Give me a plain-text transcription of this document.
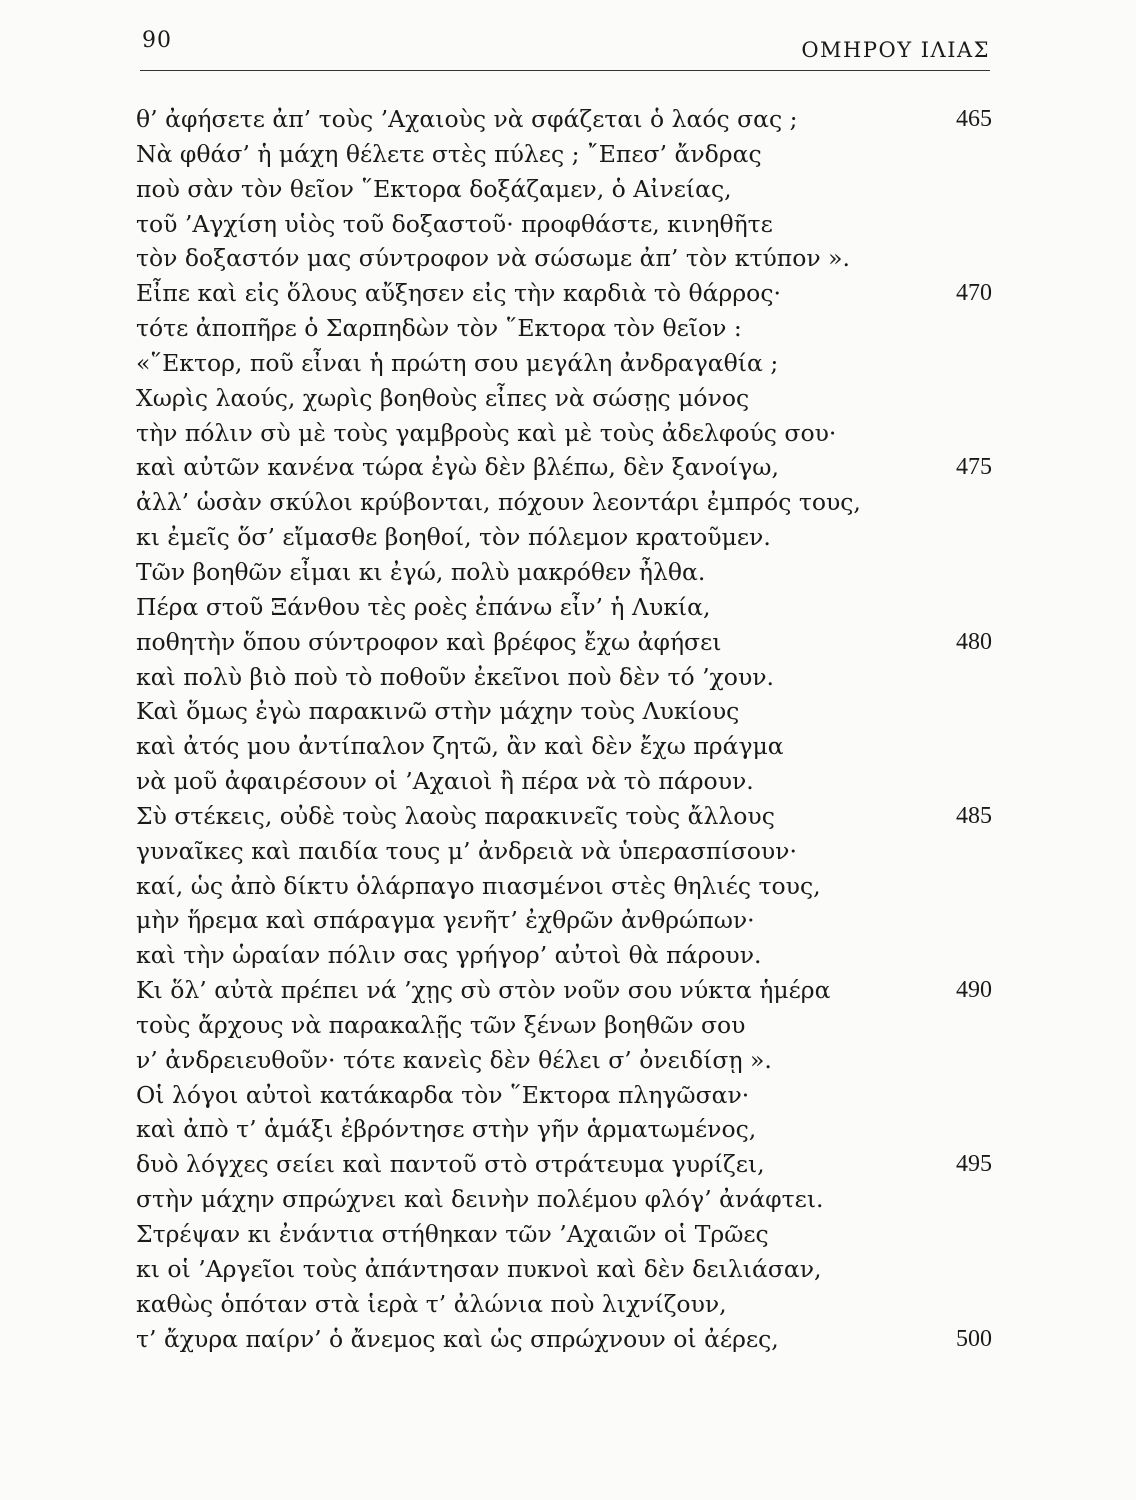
90	ΟΜΗΡΟΥ ΙΛΙΑΣ
θ’ ἀφήσετε ἀπ’ τοὺς ’Αχαιοὺς νὰ σφάζεται ὁ λαός σας ;	465
Νὰ φθάσ’ ἡ μάχη θέλετε στὲς πύλες ; ῎Επεσ’ ἄνδρας
ποὺ σὰν τὸν θεῖον ῞Εκτορα δοξάζαμεν, ὁ Αἰνείας,
τοῦ ’Αγχίση υἱὸς τοῦ δοξαστοῦ· προφθάστε, κινηθῆτε
τὸν δοξαστόν μας σύντροφον νὰ σώσωμε ἀπ’ τὸν κτύπον ».
Εἶπε καὶ εἰς ὅλους αὔξησεν εἰς τὴν καρδιὰ τὸ θάρρος·	470
τότε ἀποπῆρε ὁ Σαρπηδὼν τὸν ῞Εκτορα τὸν θεῖον :
«῞Εκτορ, ποῦ εἶναι ἡ πρώτη σου μεγάλη ἀνδραγαθία ;
Χωρὶς λαούς, χωρὶς βοηθοὺς εἶπες νὰ σώσῃς μόνος
τὴν πόλιν σὺ μὲ τοὺς γαμβροὺς καὶ μὲ τοὺς ἀδελφούς σου·
καὶ αὐτῶν κανένα τώρα ἐγὼ δὲν βλέπω, δὲν ξανοίγω,	475
ἀλλ’ ὡσὰν σκύλοι κρύβονται, πόχουν λεοντάρι ἐμπρός τους,
κι ἐμεῖς ὅσ’ εἴμασθε βοηθοί, τὸν πόλεμον κρατοῦμεν.
Τῶν βοηθῶν εἶμαι κι ἐγώ, πολὺ μακρόθεν ἦλθα.
Πέρα στοῦ Ξάνθου τὲς ροὲς ἐπάνω εἶν’ ἡ Λυκία,
ποθητὴν ὅπου σύντροφον καὶ βρέφος ἔχω ἀφήσει	480
καὶ πολὺ βιὸ ποὺ τὸ ποθοῦν ἐκεῖνοι ποὺ δὲν τό ’χουν.
Καὶ ὅμως ἐγὼ παρακινῶ στὴν μάχην τοὺς Λυκίους
καὶ ἀτός μου ἀντίπαλον ζητῶ, ἂν καὶ δὲν ἔχω πράγμα
νὰ μοῦ ἀφαιρέσουν οἱ ’Αχαιοὶ ἢ πέρα νὰ τὸ πάρουν.
Σὺ στέκεις, οὐδὲ τοὺς λαοὺς παρακινεῖς τοὺς ἄλλους	485
γυναῖκες καὶ παιδία τους μ’ ἀνδρειὰ νὰ ὑπερασπίσουν·
καί, ὡς ἀπὸ δίκτυ ὁλάρπαγο πιασμένοι στὲς θηλιές τους,
μὴν ἥρεμα καὶ σπάραγμα γενῆτ’ ἐχθρῶν ἀνθρώπων·
καὶ τὴν ὡραίαν πόλιν σας γρήγορ’ αὐτοὶ θὰ πάρουν.
Κι ὅλ’ αὐτὰ πρέπει νά ’χῃς σὺ στὸν νοῦν σου νύκτα ἡμέρα	490
τοὺς ἄρχους νὰ παρακαλῇς τῶν ξένων βοηθῶν σου
ν’ ἀνδρειευθοῦν· τότε κανεὶς δὲν θέλει σ’ ὀνειδίσῃ ».
Οἱ λόγοι αὐτοὶ κατάκαρδα τὸν ῞Εκτορα πληγῶσαν·
καὶ ἀπὸ τ’ ἁμάξι ἐβρόντησε στὴν γῆν ἁρματωμένος,
δυὸ λόγχες σείει καὶ παντοῦ στὸ στράτευμα γυρίζει,	495
στὴν μάχην σπρώχνει καὶ δεινὴν πολέμου φλόγ’ ἀνάφτει.
Στρέψαν κι ἐνάντια στήθηκαν τῶν ’Αχαιῶν οἱ Τρῶες
κι οἱ ’Αργεῖοι τοὺς ἀπάντησαν πυκνοὶ καὶ δὲν δειλιάσαν,
καθὼς ὁπόταν στὰ ἱερὰ τ’ ἀλώνια ποὺ λιχνίζουν,
τ’ ἄχυρα παίρν’ ὁ ἄνεμος καὶ ὡς σπρώχνουν οἱ ἀέρες,	500
